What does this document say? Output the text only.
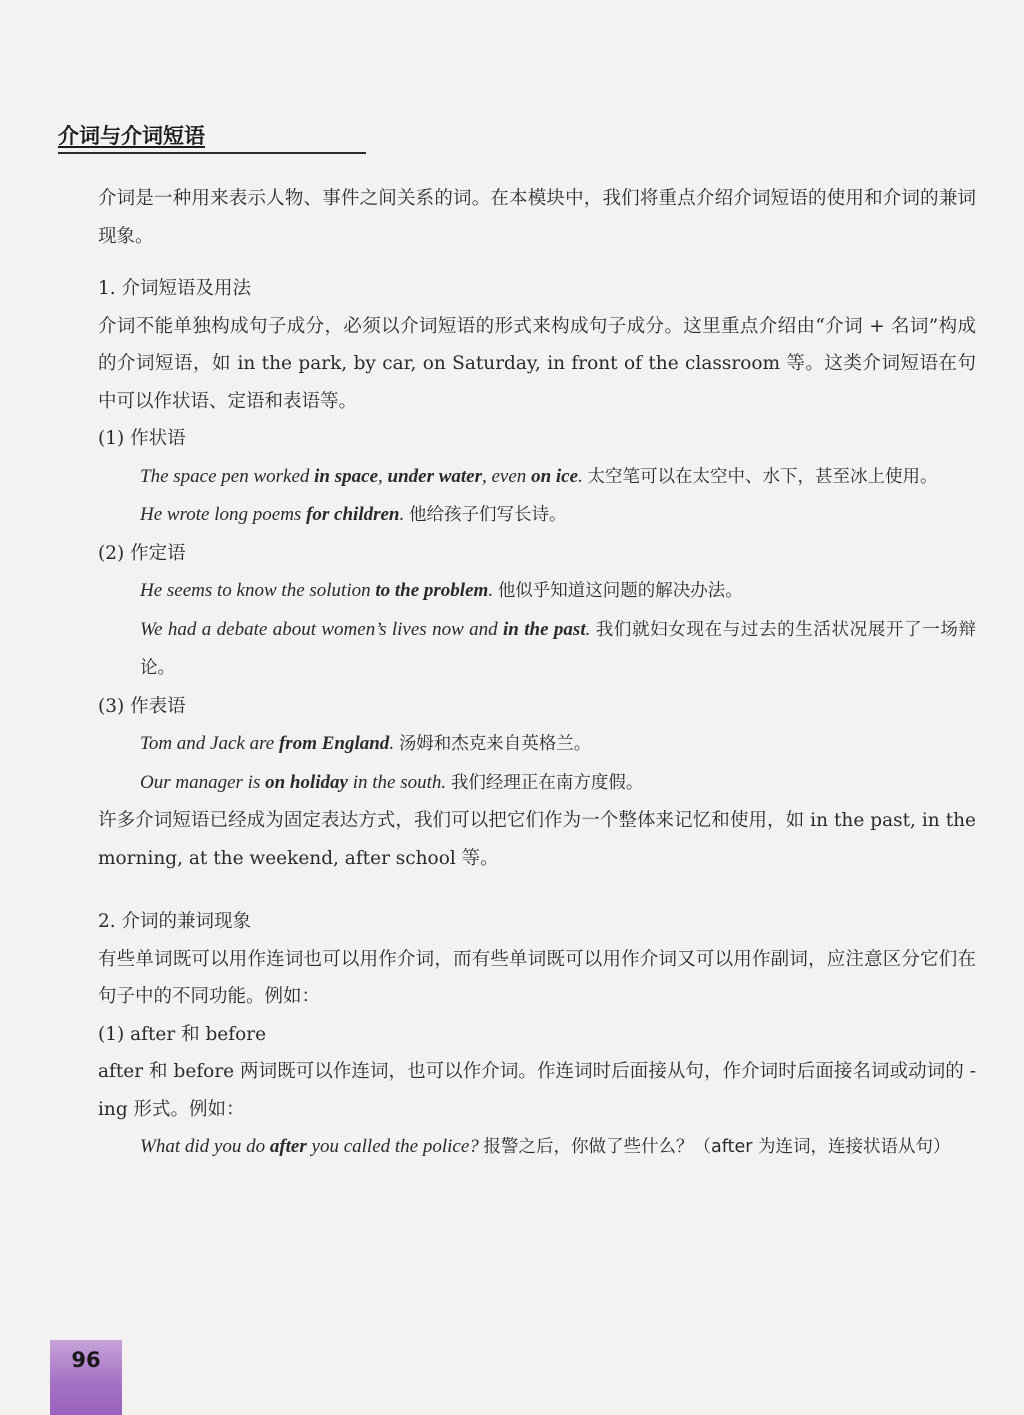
介词与介词短语

介词是一种用来表示人物、事件之间关系的词。在本模块中，我们将重点介绍介词短语的使用和介词的兼词现象。

1. 介词短语及用法

介词不能单独构成句子成分，必须以介词短语的形式来构成句子成分。这里重点介绍由“介词 + 名词”构成的介词短语，如 in the park, by car, on Saturday, in front of the classroom 等。这类介词短语在句中可以作状语、定语和表语等。

(1) 作状语

The space pen worked in space, under water, even on ice. 太空笔可以在太空中、水下，甚至冰上使用。

He wrote long poems for children. 他给孩子们写长诗。

(2) 作定语

He seems to know the solution to the problem. 他似乎知道这问题的解决办法。

We had a debate about women’s lives now and in the past. 我们就妇女现在与过去的生活状况展开了一场辩论。

(3) 作表语

Tom and Jack are from England. 汤姆和杰克来自英格兰。

Our manager is on holiday in the south. 我们经理正在南方度假。

许多介词短语已经成为固定表达方式，我们可以把它们作为一个整体来记忆和使用，如 in the past, in the morning, at the weekend, after school 等。

2. 介词的兼词现象

有些单词既可以用作连词也可以用作介词，而有些单词既可以用作介词又可以用作副词，应注意区分它们在句子中的不同功能。例如：

(1) after 和 before

after 和 before 两词既可以作连词，也可以作介词。作连词时后面接从句，作介词时后面接名词或动词的 -ing 形式。例如：

What did you do after you called the police? 报警之后，你做了些什么？（after 为连词，连接状语从句）

96
